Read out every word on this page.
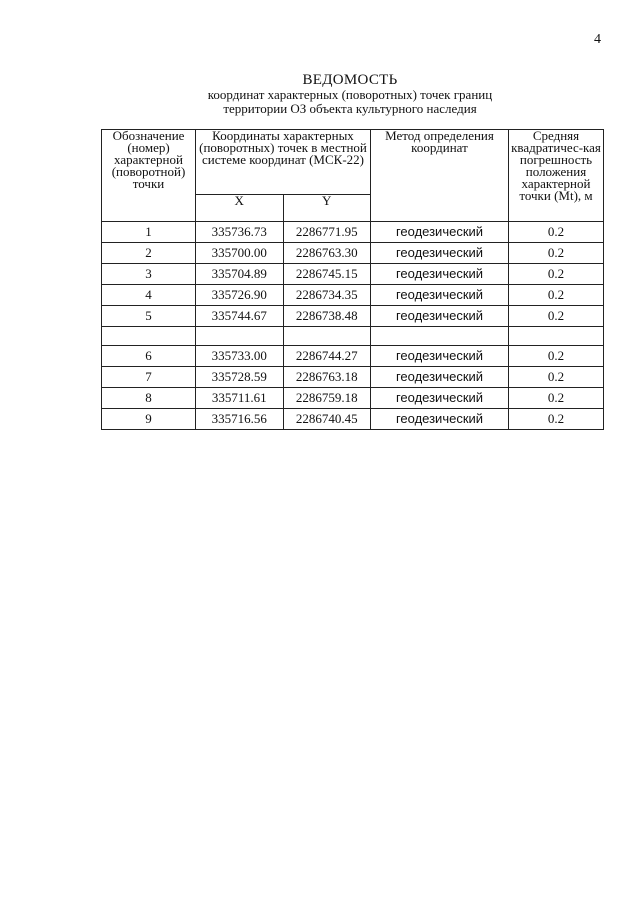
4
ВЕДОМОСТЬ
координат характерных (поворотных) точек границ
территории ОЗ объекта культурного наследия
Обозначение (номер) характерной (поворотной) точки	Координаты характерных (поворотных) точек в местной системе координат (МСК-22)		Метод определения координат	Средняя квадратичес-кая погрешность положения характерной точки (Mt), м
	X	Y		
1	335736.73	2286771.95	геодезический	0.2
2	335700.00	2286763.30	геодезический	0.2
3	335704.89	2286745.15	геодезический	0.2
4	335726.90	2286734.35	геодезический	0.2
5	335744.67	2286738.48	геодезический	0.2

6	335733.00	2286744.27	геодезический	0.2
7	335728.59	2286763.18	геодезический	0.2
8	335711.61	2286759.18	геодезический	0.2
9	335716.56	2286740.45	геодезический	0.2
